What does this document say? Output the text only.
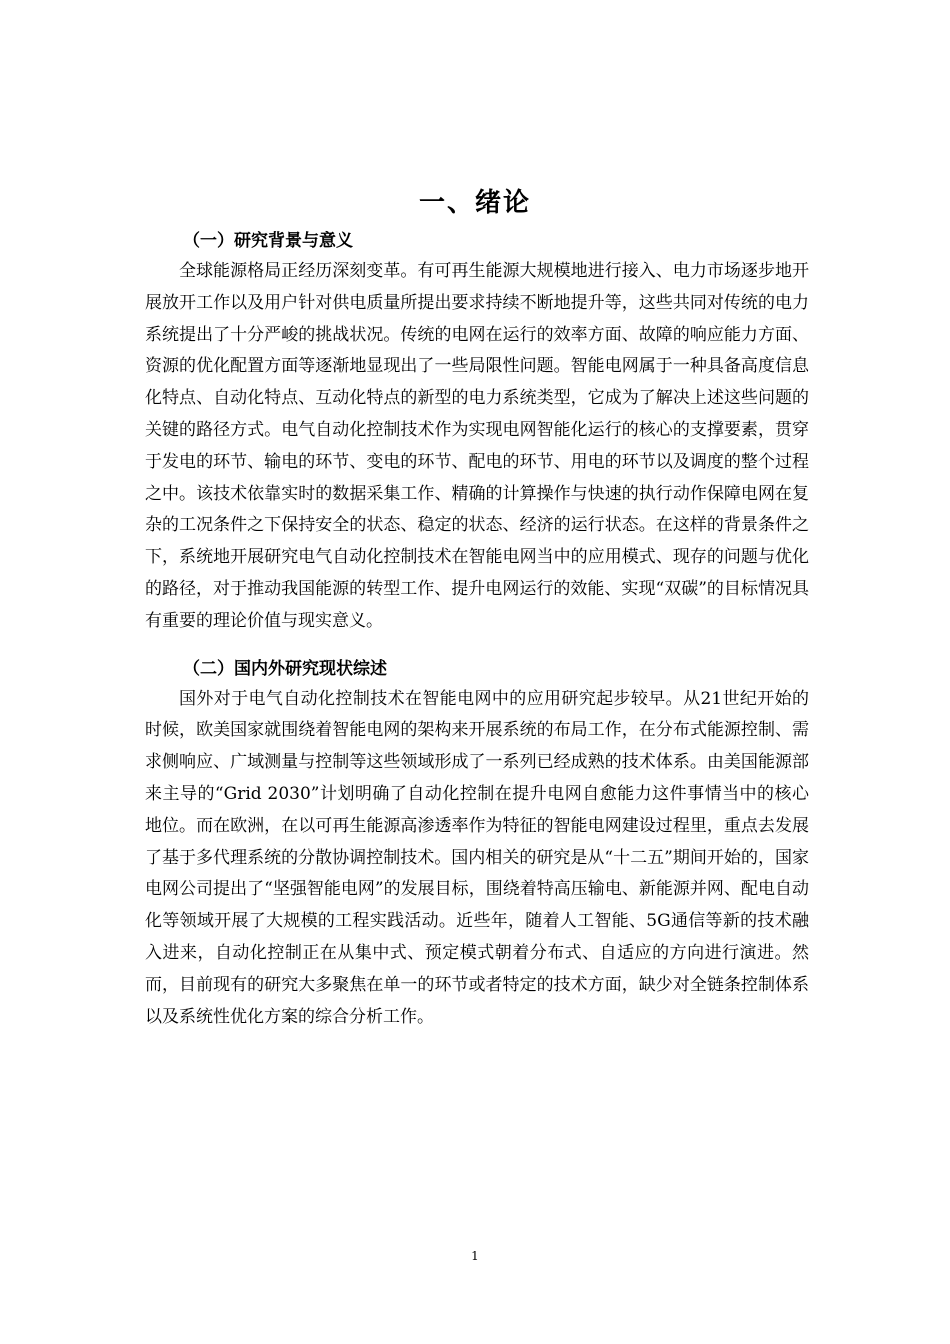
一、绪论
（一）研究背景与意义

全球能源格局正经历深刻变革。有可再生能源大规模地进行接入、电力市场逐步地开展放开工作以及用户针对供电质量所提出要求持续不断地提升等，这些共同对传统的电力系统提出了十分严峻的挑战状况。传统的电网在运行的效率方面、故障的响应能力方面、资源的优化配置方面等逐渐地显现出了一些局限性问题。智能电网属于一种具备高度信息化特点、自动化特点、互动化特点的新型的电力系统类型，它成为了解决上述这些问题的关键的路径方式。电气自动化控制技术作为实现电网智能化运行的核心的支撑要素，贯穿于发电的环节、输电的环节、变电的环节、配电的环节、用电的环节以及调度的整个过程之中。该技术依靠实时的数据采集工作、精确的计算操作与快速的执行动作保障电网在复杂的工况条件之下保持安全的状态、稳定的状态、经济的运行状态。在这样的背景条件之下，系统地开展研究电气自动化控制技术在智能电网当中的应用模式、现存的问题与优化的路径，对于推动我国能源的转型工作、提升电网运行的效能、实现“双碳”的目标情况具有重要的理论价值与现实意义。

（二）国内外研究现状综述

国外对于电气自动化控制技术在智能电网中的应用研究起步较早。从21世纪开始的时候，欧美国家就围绕着智能电网的架构来开展系统的布局工作，在分布式能源控制、需求侧响应、广域测量与控制等这些领域形成了一系列已经成熟的技术体系。由美国能源部来主导的“Grid 2030”计划明确了自动化控制在提升电网自愈能力这件事情当中的核心地位。而在欧洲，在以可再生能源高渗透率作为特征的智能电网建设过程里，重点去发展了基于多代理系统的分散协调控制技术。国内相关的研究是从“十二五”期间开始的，国家电网公司提出了“坚强智能电网”的发展目标，围绕着特高压输电、新能源并网、配电自动化等领域开展了大规模的工程实践活动。近些年，随着人工智能、5G通信等新的技术融入进来，自动化控制正在从集中式、预定模式朝着分布式、自适应的方向进行演进。然而，目前现有的研究大多聚焦在单一的环节或者特定的技术方面，缺少对全链条控制体系以及系统性优化方案的综合分析工作。

1
